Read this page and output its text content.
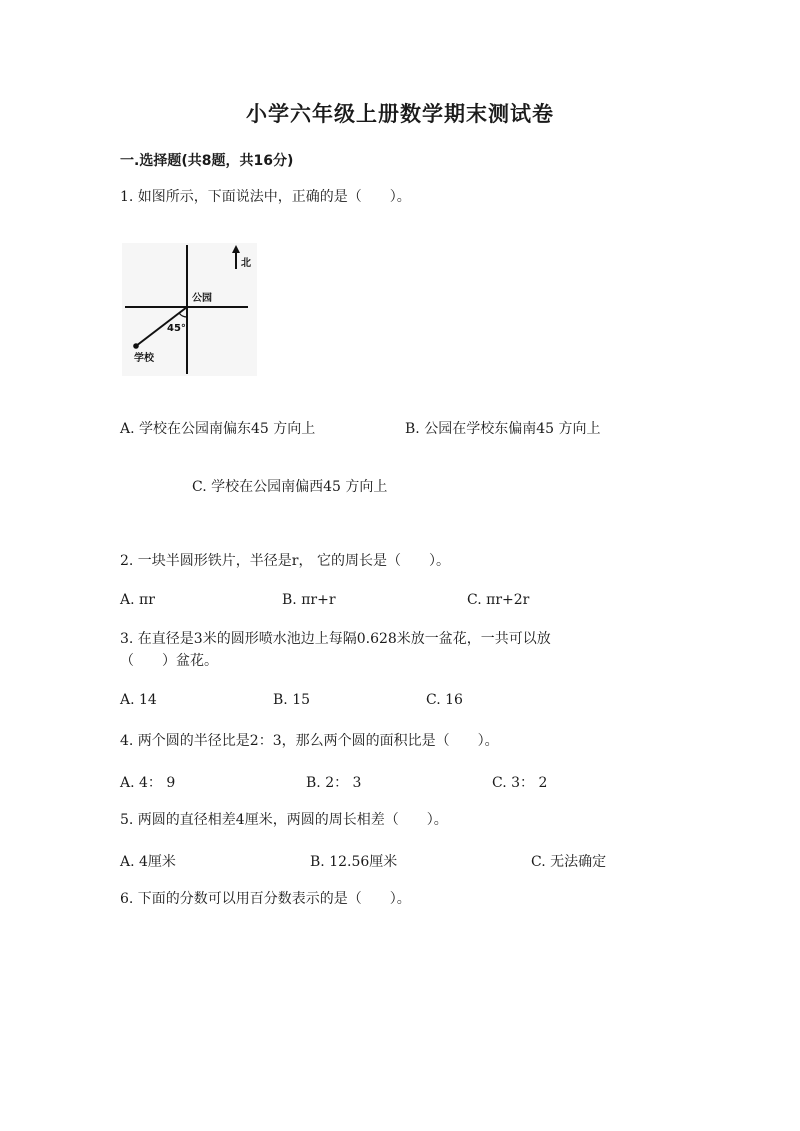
小学六年级上册数学期末测试卷
一.选择题(共8题，共16分)
1. 如图所示，下面说法中，正确的是（　　）。
北
公园
45°
学校
A. 学校在公园南偏东45 方向上	B. 公园在学校东偏南45 方向上
C. 学校在公园南偏西45 方向上
2. 一块半圆形铁片，半径是r， 它的周长是（　　）。
A. πr	B. πr+r	C. πr+2r
3. 在直径是3米的圆形喷水池边上每隔0.628米放一盆花，一共可以放
（　　）盆花。
A. 14	B. 15	C. 16
4. 两个圆的半径比是2：3，那么两个圆的面积比是（　　）。
A. 4： 9	B. 2： 3	C. 3： 2
5. 两圆的直径相差4厘米，两圆的周长相差（　　）。
A. 4厘米	B. 12.56厘米	C. 无法确定
6. 下面的分数可以用百分数表示的是（　　）。
